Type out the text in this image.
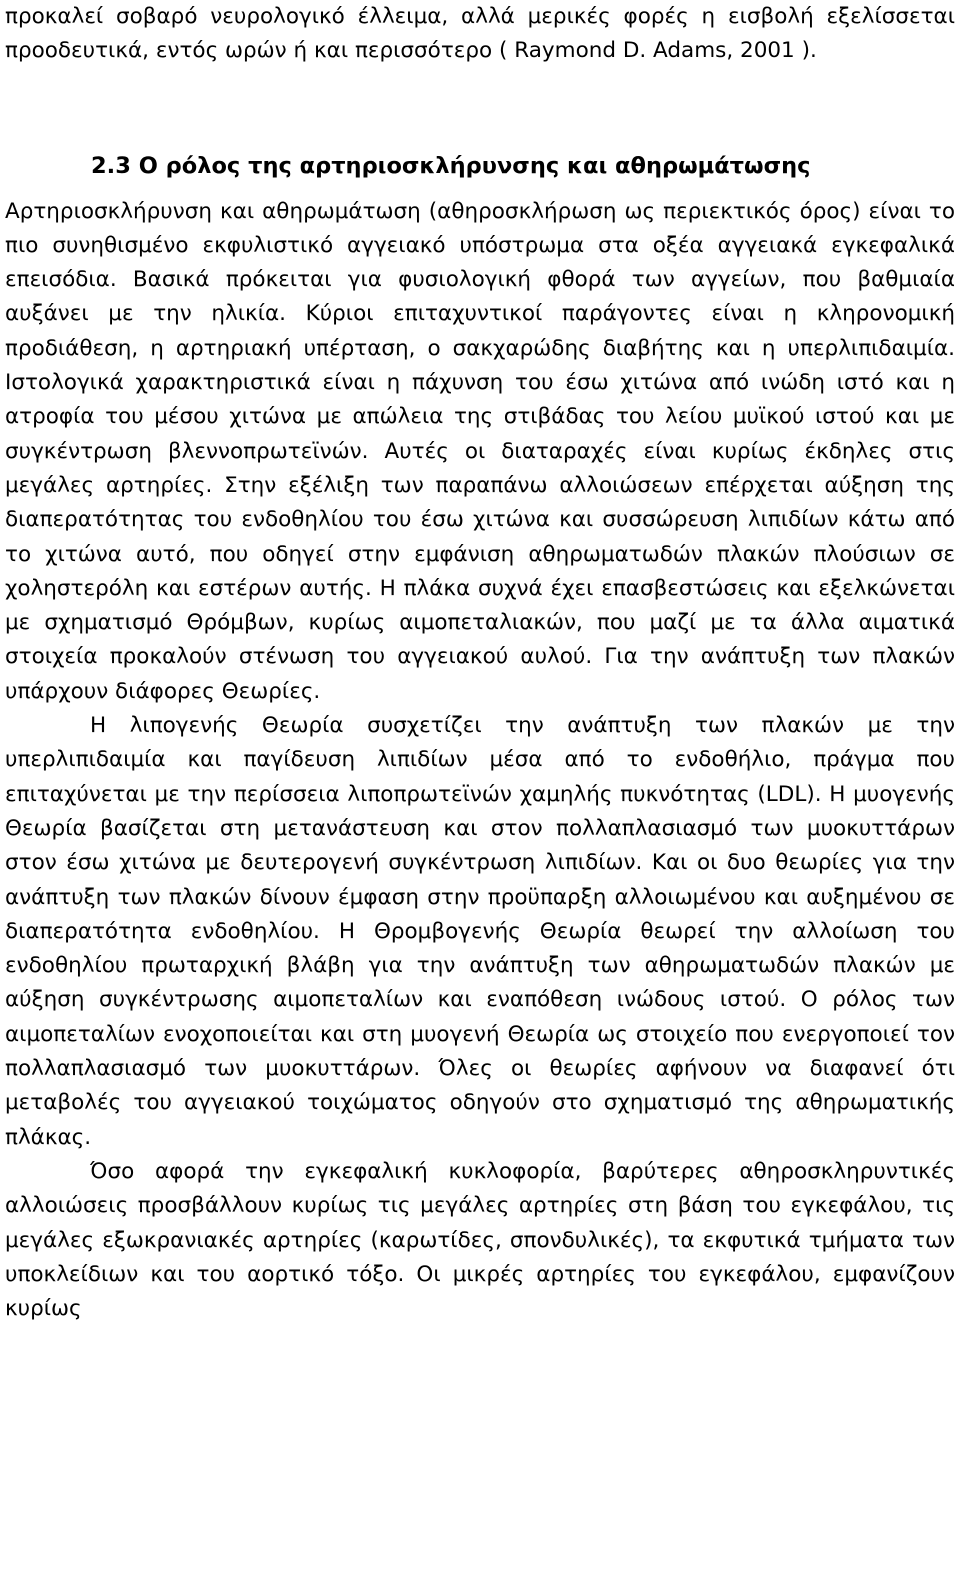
προκαλεί σοβαρό νευρολογικό έλλειμα, αλλά μερικές φορές η εισβολή εξελίσσεται προοδευτικά, εντός ωρών ή και περισσότερο ( Raymond D. Adams, 2001 ).

2.3 Ο ρόλος της αρτηριοσκλήρυνσης και αθηρωμάτωσης

Αρτηριοσκλήρυνση και αθηρωμάτωση (αθηροσκλήρωση ως περιεκτικός όρος) είναι το πιο συνηθισμένο εκφυλιστικό αγγειακό υπόστρωμα στα οξέα αγγειακά εγκεφαλικά επεισόδια. Βασικά πρόκειται για φυσιολογική φθορά των αγγείων, που βαθμιαία αυξάνει με την ηλικία. Κύριοι επιταχυντικοί παράγοντες είναι η κληρονομική προδιάθεση, η αρτηριακή υπέρταση, ο σακχαρώδης διαβήτης και η υπερλιπιδαιμία. Ιστολογικά χαρακτηριστικά είναι η πάχυνση του έσω χιτώνα από ινώδη ιστό και η ατροφία του μέσου χιτώνα με απώλεια της στιβάδας του λείου μυϊκού ιστού και με συγκέντρωση βλεννοπρωτεϊνών. Αυτές οι διαταραχές είναι κυρίως έκδηλες στις μεγάλες αρτηρίες. Στην εξέλιξη των παραπάνω αλλοιώσεων επέρχεται αύξηση της διαπερατότητας του ενδοθηλίου του έσω χιτώνα και συσσώρευση λιπιδίων κάτω από το χιτώνα αυτό, που οδηγεί στην εμφάνιση αθηρωματωδών πλακών πλούσιων σε χοληστερόλη και εστέρων αυτής. Η πλάκα συχνά έχει επασβεστώσεις και εξελκώνεται με σχηματισμό Θρόμβων, κυρίως αιμοπεταλιακών, που μαζί με τα άλλα αιματικά στοιχεία προκαλούν στένωση του αγγειακού αυλού. Για την ανάπτυξη των πλακών υπάρχουν διάφορες Θεωρίες.

Η λιπογενής Θεωρία συσχετίζει την ανάπτυξη των πλακών με την υπερλιπιδαιμία και παγίδευση λιπιδίων μέσα από το ενδοθήλιο, πράγμα που επιταχύνεται με την περίσσεια λιποπρωτεϊνών χαμηλής πυκνότητας (LDL). Η μυογενής Θεωρία βασίζεται στη μετανάστευση και στον πολλαπλασιασμό των μυοκυττάρων στον έσω χιτώνα με δευτερογενή συγκέντρωση λιπιδίων. Και οι δυο θεωρίες για την ανάπτυξη των πλακών δίνουν έμφαση στην προϋπαρξη αλλοιωμένου και αυξημένου σε διαπερατότητα ενδοθηλίου. Η Θρομβογενής Θεωρία θεωρεί την αλλοίωση του ενδοθηλίου πρωταρχική βλάβη για την ανάπτυξη των αθηρωματωδών πλακών με αύξηση συγκέντρωσης αιμοπεταλίων και εναπόθεση ινώδους ιστού. Ο ρόλος των αιμοπεταλίων ενοχοποιείται και στη μυογενή Θεωρία ως στοιχείο που ενεργοποιεί τον πολλαπλασιασμό των μυοκυττάρων. Όλες οι θεωρίες αφήνουν να διαφανεί ότι μεταβολές του αγγειακού τοιχώματος οδηγούν στο σχηματισμό της αθηρωματικής πλάκας.

Όσο αφορά την εγκεφαλική κυκλοφορία, βαρύτερες αθηροσκληρυντικές αλλοιώσεις προσβάλλουν κυρίως τις μεγάλες αρτηρίες στη βάση του εγκεφάλου, τις μεγάλες εξωκρανιακές αρτηρίες (καρωτίδες, σπονδυλικές), τα εκφυτικά τμήματα των υποκλείδιων και του αορτικό τόξο. Οι μικρές αρτηρίες του εγκεφάλου, εμφανίζουν κυρίως
